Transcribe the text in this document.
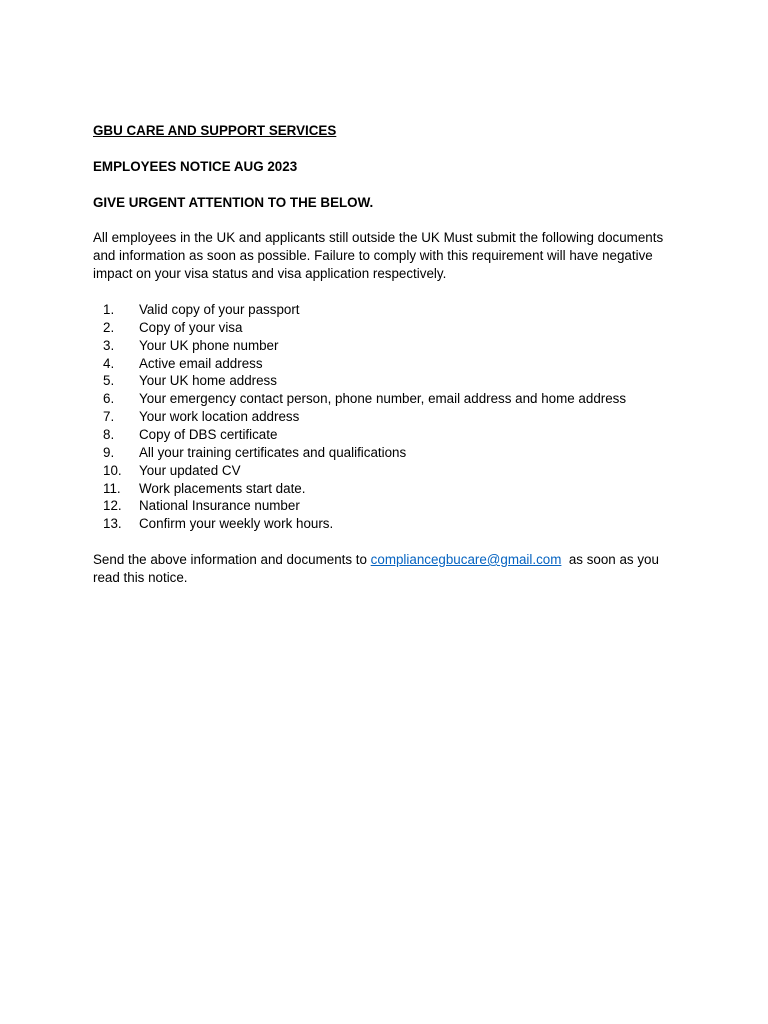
GBU CARE AND SUPPORT SERVICES

EMPLOYEES NOTICE AUG 2023

GIVE URGENT ATTENTION TO THE BELOW.

All employees in the UK and applicants still outside the UK Must submit the following documents and information as soon as possible. Failure to comply with this requirement will have negative impact on your visa status and visa application respectively.

1.	Valid copy of your passport
2.	Copy of your visa
3.	Your UK phone number
4.	Active email address
5.	Your UK home address
6.	Your emergency contact person, phone number, email address and home address
7.	Your work location address
8.	Copy of DBS certificate
9.	All your training certificates and qualifications
10.	Your updated CV
11.	Work placements start date.
12.	National Insurance number
13.	Confirm your weekly work hours.

Send the above information and documents to compliancegbucare@gmail.com  as soon as you read this notice.
